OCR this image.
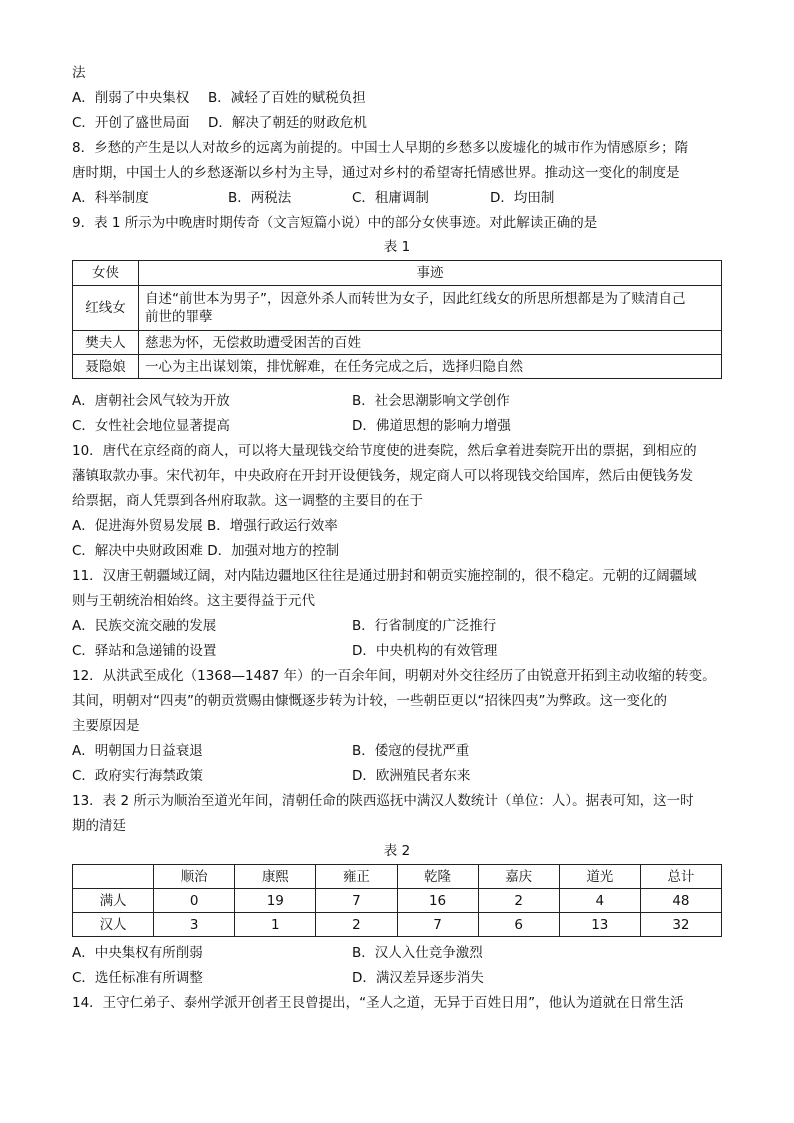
法
A．削弱了中央集权 B．减轻了百姓的赋税负担
C．开创了盛世局面 D．解决了朝廷的财政危机
8．乡愁的产生是以人对故乡的远离为前提的。中国士人早期的乡愁多以废墟化的城市作为情感原乡；隋
唐时期，中国士人的乡愁逐渐以乡村为主导，通过对乡村的希望寄托情感世界。推动这一变化的制度是
A．科举制度	B．两税法	C．租庸调制	D．均田制
9．表 1 所示为中晚唐时期传奇（文言短篇小说）中的部分女侠事迹。对此解读正确的是
表 1
女侠	事迹
红线女	自述“前世本为男子”，因意外杀人而转世为女子，因此红线女的所思所想都是为了赎清自己
前世的罪孽

樊夫人	慈悲为怀，无偿救助遭受困苦的百姓
聂隐娘	一心为主出谋划策，排忧解难，在任务完成之后，选择归隐自然
A．唐朝社会风气较为开放	B．社会思潮影响文学创作
C．女性社会地位显著提高	D．佛道思想的影响力增强
10．唐代在京经商的商人，可以将大量现钱交给节度使的进奏院，然后拿着进奏院开出的票据，到相应的
藩镇取款办事。宋代初年，中央政府在开封开设便钱务，规定商人可以将现钱交给国库，然后由便钱务发
给票据，商人凭票到各州府取款。这一调整的主要目的在于
A．促进海外贸易发展 B．增强行政运行效率
C．解决中央财政困难 D．加强对地方的控制
11．汉唐王朝疆域辽阔，对内陆边疆地区往往是通过册封和朝贡实施控制的，很不稳定。元朝的辽阔疆域
则与王朝统治相始终。这主要得益于元代
A．民族交流交融的发展	B．行省制度的广泛推行
C．驿站和急递铺的设置	D．中央机构的有效管理
12．从洪武至成化（1368—1487 年）的一百余年间，明朝对外交往经历了由锐意开拓到主动收缩的转变。
其间，明朝对“四夷”的朝贡赏赐由慷慨逐步转为计较，一些朝臣更以“招徕四夷”为弊政。这一变化的
主要原因是
A．明朝国力日益衰退	B．倭寇的侵扰严重
C．政府实行海禁政策	D．欧洲殖民者东来
13．表 2 所示为顺治至道光年间，清朝任命的陕西巡抚中满汉人数统计（单位：人）。据表可知，这一时
期的清廷
表 2
	顺治	康熙	雍正	乾隆	嘉庆	道光	总计
满人	0	19	7	16	2	4	48
汉人	3	1	2	7	6	13	32
A．中央集权有所削弱	B．汉人入仕竞争激烈
C．选任标准有所调整	D．满汉差异逐步消失
14．王守仁弟子、泰州学派开创者王艮曾提出，“圣人之道，无异于百姓日用”，他认为道就在日常生活
